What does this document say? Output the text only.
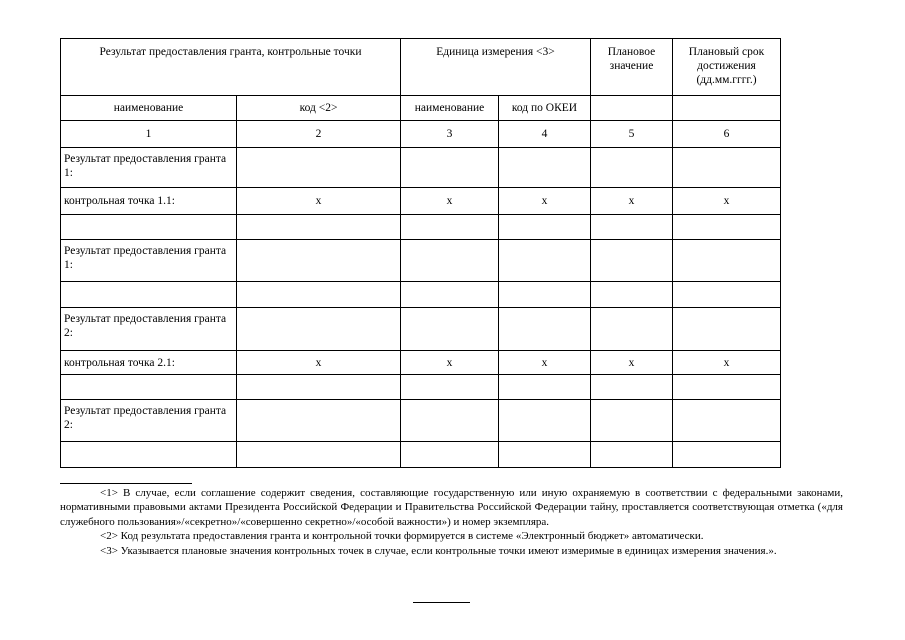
Результат предоставления гранта, контрольные точки		Единица измерения <3>		Плановое значение	Плановый срок достижения (дд.мм.гггг.)
наименование	код <2>	наименование	код по ОКЕИ		
1	2	3	4	5	6
Результат предоставления гранта 1:					
контрольная точка 1.1:	x	x	x	x	x

Результат предоставления гранта 1:					

Результат предоставления гранта 2:					
контрольная точка 2.1:	x	x	x	x	x

Результат предоставления гранта 2:					

<1> В случае, если соглашение содержит сведения, составляющие государственную или иную охраняемую в соответствии с федеральными законами, нормативными правовыми актами Президента Российской Федерации и Правительства Российской Федерации тайну, проставляется соответствующая отметка («для служебного пользования»/«секретно»/«совершенно секретно»/«особой важности») и номер экземпляра.

<2> Код результата предоставления гранта и контрольной точки формируется в системе «Электронный бюджет» автоматически.

<3> Указывается плановые значения контрольных точек в случае, если контрольные точки имеют измеримые в единицах измерения значения.».
